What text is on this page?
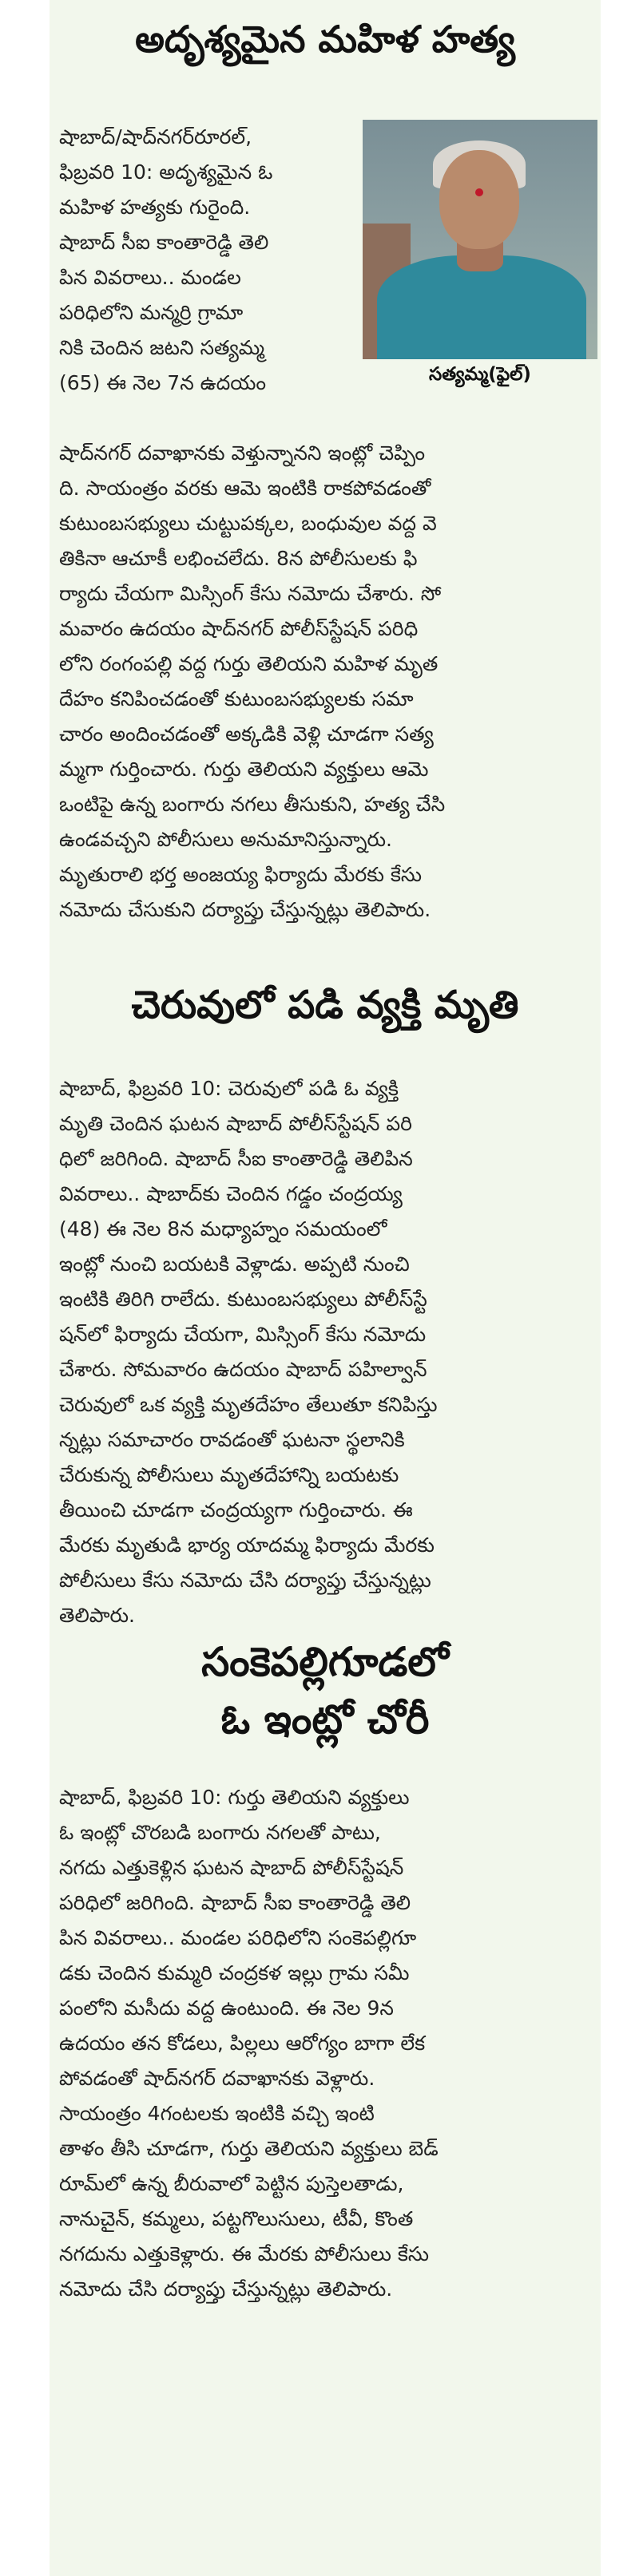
అదృశ్యమైన మహిళ హత్య
షాబాద్/షాద్‌నగర్‌రూరల్,
ఫిబ్రవరి 10: అదృశ్యమైన ఓ
మహిళ హత్యకు గురైంది.
షాబాద్ సీఐ కాంతారెడ్డి తెలి
పిన వివరాలు.. మండల
పరిధిలోని మన్మర్రి గ్రామా
నికి చెందిన జటని సత్యమ్మ
(65) ఈ నెల 7న ఉదయం	సత్యమ్మ(ఫైల్)
షాద్‌నగర్ దవాఖానకు వెళ్తున్నానని ఇంట్లో చెప్పిం
ది. సాయంత్రం వరకు ఆమె ఇంటికి రాకపోవడంతో
కుటుంబసభ్యులు చుట్టుపక్కల, బంధువుల వద్ద వె
తికినా ఆచూకీ లభించలేదు. 8న పోలీసులకు ఫి
ర్యాదు చేయగా మిస్సింగ్ కేసు నమోదు చేశారు. సో
మవారం ఉదయం షాద్‌నగర్ పోలీస్‌స్టేషన్ పరిధి
లోని రంగంపల్లి వద్ద గుర్తు తెలియని మహిళ మృత
దేహం కనిపించడంతో కుటుంబసభ్యులకు సమా
చారం అందించడంతో అక్కడికి వెళ్లి చూడగా సత్య
మ్మగా గుర్తించారు. గుర్తు తెలియని వ్యక్తులు ఆమె
ఒంటిపై ఉన్న బంగారు నగలు తీసుకుని, హత్య చేసి
ఉండవచ్చని పోలీసులు అనుమానిస్తున్నారు.
మృతురాలి భర్త అంజయ్య ఫిర్యాదు మేరకు కేసు
నమోదు చేసుకుని దర్యాప్తు చేస్తున్నట్లు తెలిపారు.
చెరువులో పడి వ్యక్తి మృతి
షాబాద్, ఫిబ్రవరి 10: చెరువులో పడి ఓ వ్యక్తి
మృతి చెందిన ఘటన షాబాద్ పోలీస్‌స్టేషన్ పరి
ధిలో జరిగింది. షాబాద్ సీఐ కాంతారెడ్డి తెలిపిన
వివరాలు.. షాబాద్‌కు చెందిన గడ్డం చంద్రయ్య
(48) ఈ నెల 8న మధ్యాహ్నం సమయంలో
ఇంట్లో నుంచి బయటకి వెళ్లాడు. అప్పటి నుంచి
ఇంటికి తిరిగి రాలేదు. కుటుంబసభ్యులు పోలీస్‌స్టే
షన్‌లో ఫిర్యాదు చేయగా, మిస్సింగ్ కేసు నమోదు
చేశారు. సోమవారం ఉదయం షాబాద్ పహిల్వాన్
చెరువులో ఒక వ్యక్తి మృతదేహం తేలుతూ కనిపిస్తు
న్నట్లు సమాచారం రావడంతో ఘటనా స్థలానికి
చేరుకున్న పోలీసులు మృతదేహాన్ని బయటకు
తీయించి చూడగా చంద్రయ్యగా గుర్తించారు. ఈ
మేరకు మృతుడి భార్య యాదమ్మ ఫిర్యాదు మేరకు
పోలీసులు కేసు నమోదు చేసి దర్యాప్తు చేస్తున్నట్లు
తెలిపారు.
సంకెపల్లిగూడలో
ఓ ఇంట్లో చోరీ
షాబాద్, ఫిబ్రవరి 10: గుర్తు తెలియని వ్యక్తులు
ఓ ఇంట్లో చొరబడి బంగారు నగలతో పాటు,
నగదు ఎత్తుకెళ్లిన ఘటన షాబాద్ పోలీస్‌స్టేషన్
పరిధిలో జరిగింది. షాబాద్ సీఐ కాంతారెడ్డి తెలి
పిన వివరాలు.. మండల పరిధిలోని సంకెపల్లిగూ
డకు చెందిన కుమ్మరి చంద్రకళ ఇల్లు గ్రామ సమీ
పంలోని మసీదు వద్ద ఉంటుంది. ఈ నెల 9న
ఉదయం తన కోడలు, పిల్లలు ఆరోగ్యం బాగా లేక
పోవడంతో షాద్‌నగర్ దవాఖానకు వెళ్లారు.
సాయంత్రం 4గంటలకు ఇంటికి వచ్చి ఇంటి
తాళం తీసి చూడగా, గుర్తు తెలియని వ్యక్తులు బెడ్
రూమ్‌లో ఉన్న బీరువాలో పెట్టిన పుస్తెలతాడు,
నానుచైన్, కమ్మలు, పట్టగొలుసులు, టీవీ, కొంత
నగదును ఎత్తుకెళ్లారు. ఈ మేరకు పోలీసులు కేసు
నమోదు చేసి దర్యాప్తు చేస్తున్నట్లు తెలిపారు.
